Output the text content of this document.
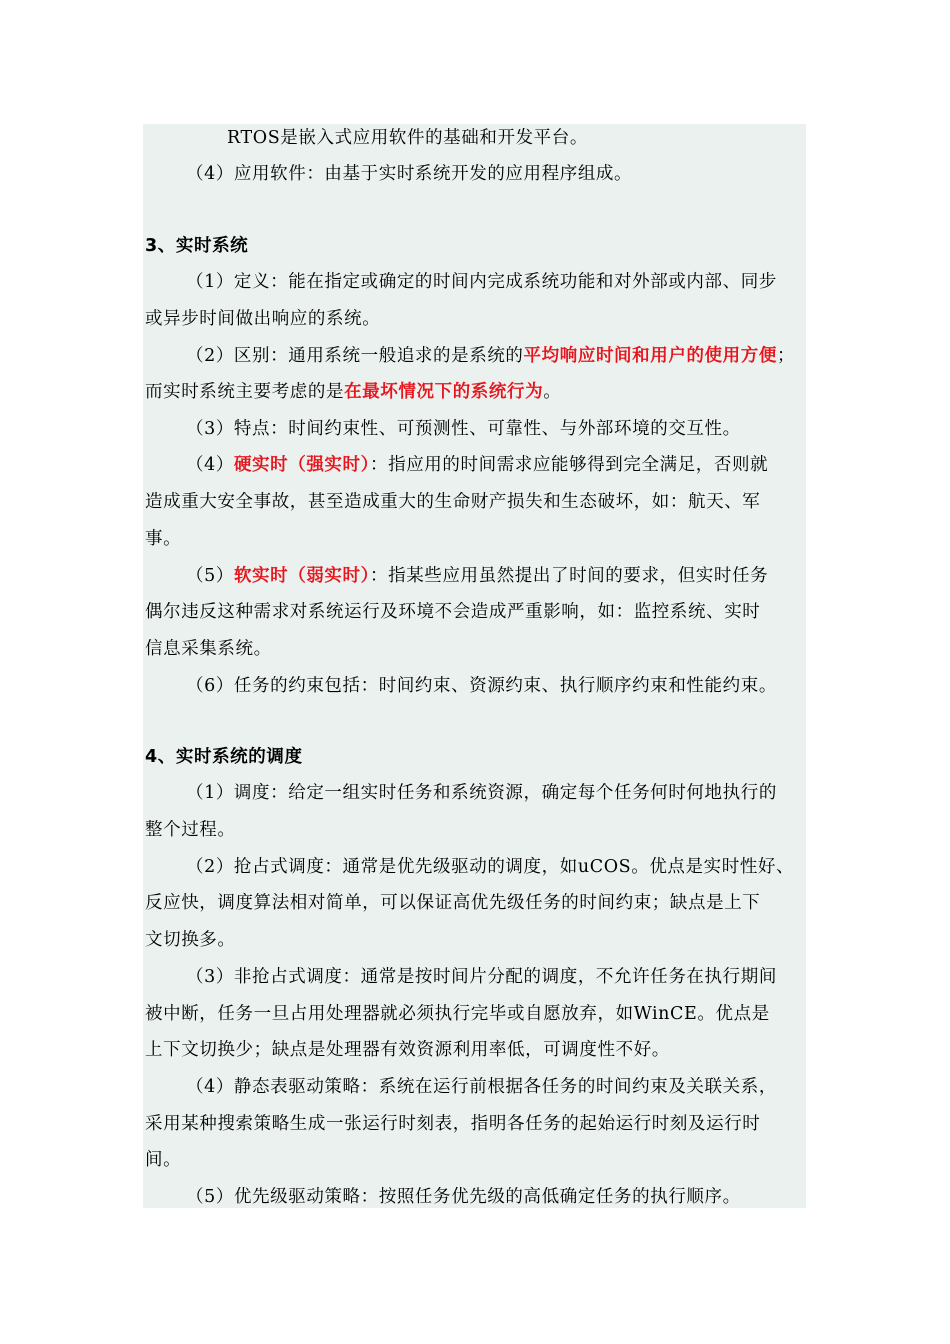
RTOS是嵌入式应用软件的基础和开发平台。
（4）应用软件：由基于实时系统开发的应用程序组成。
3、实时系统
（1）定义：能在指定或确定的时间内完成系统功能和对外部或内部、同步
或异步时间做出响应的系统。
（2）区别：通用系统一般追求的是系统的平均响应时间和用户的使用方便；
而实时系统主要考虑的是在最坏情况下的系统行为。
（3）特点：时间约束性、可预测性、可靠性、与外部环境的交互性。
（4）硬实时（强实时）：指应用的时间需求应能够得到完全满足，否则就
造成重大安全事故，甚至造成重大的生命财产损失和生态破坏，如：航天、军
事。
（5）软实时（弱实时）：指某些应用虽然提出了时间的要求，但实时任务
偶尔违反这种需求对系统运行及环境不会造成严重影响，如：监控系统、实时
信息采集系统。
（6）任务的约束包括：时间约束、资源约束、执行顺序约束和性能约束。
4、实时系统的调度
（1）调度：给定一组实时任务和系统资源，确定每个任务何时何地执行的
整个过程。
（2）抢占式调度：通常是优先级驱动的调度，如uCOS。优点是实时性好、
反应快，调度算法相对简单，可以保证高优先级任务的时间约束；缺点是上下
文切换多。
（3）非抢占式调度：通常是按时间片分配的调度，不允许任务在执行期间
被中断，任务一旦占用处理器就必须执行完毕或自愿放弃，如WinCE。优点是
上下文切换少；缺点是处理器有效资源利用率低，可调度性不好。
（4）静态表驱动策略：系统在运行前根据各任务的时间约束及关联关系，
采用某种搜索策略生成一张运行时刻表，指明各任务的起始运行时刻及运行时
间。
（5）优先级驱动策略：按照任务优先级的高低确定任务的执行顺序。
